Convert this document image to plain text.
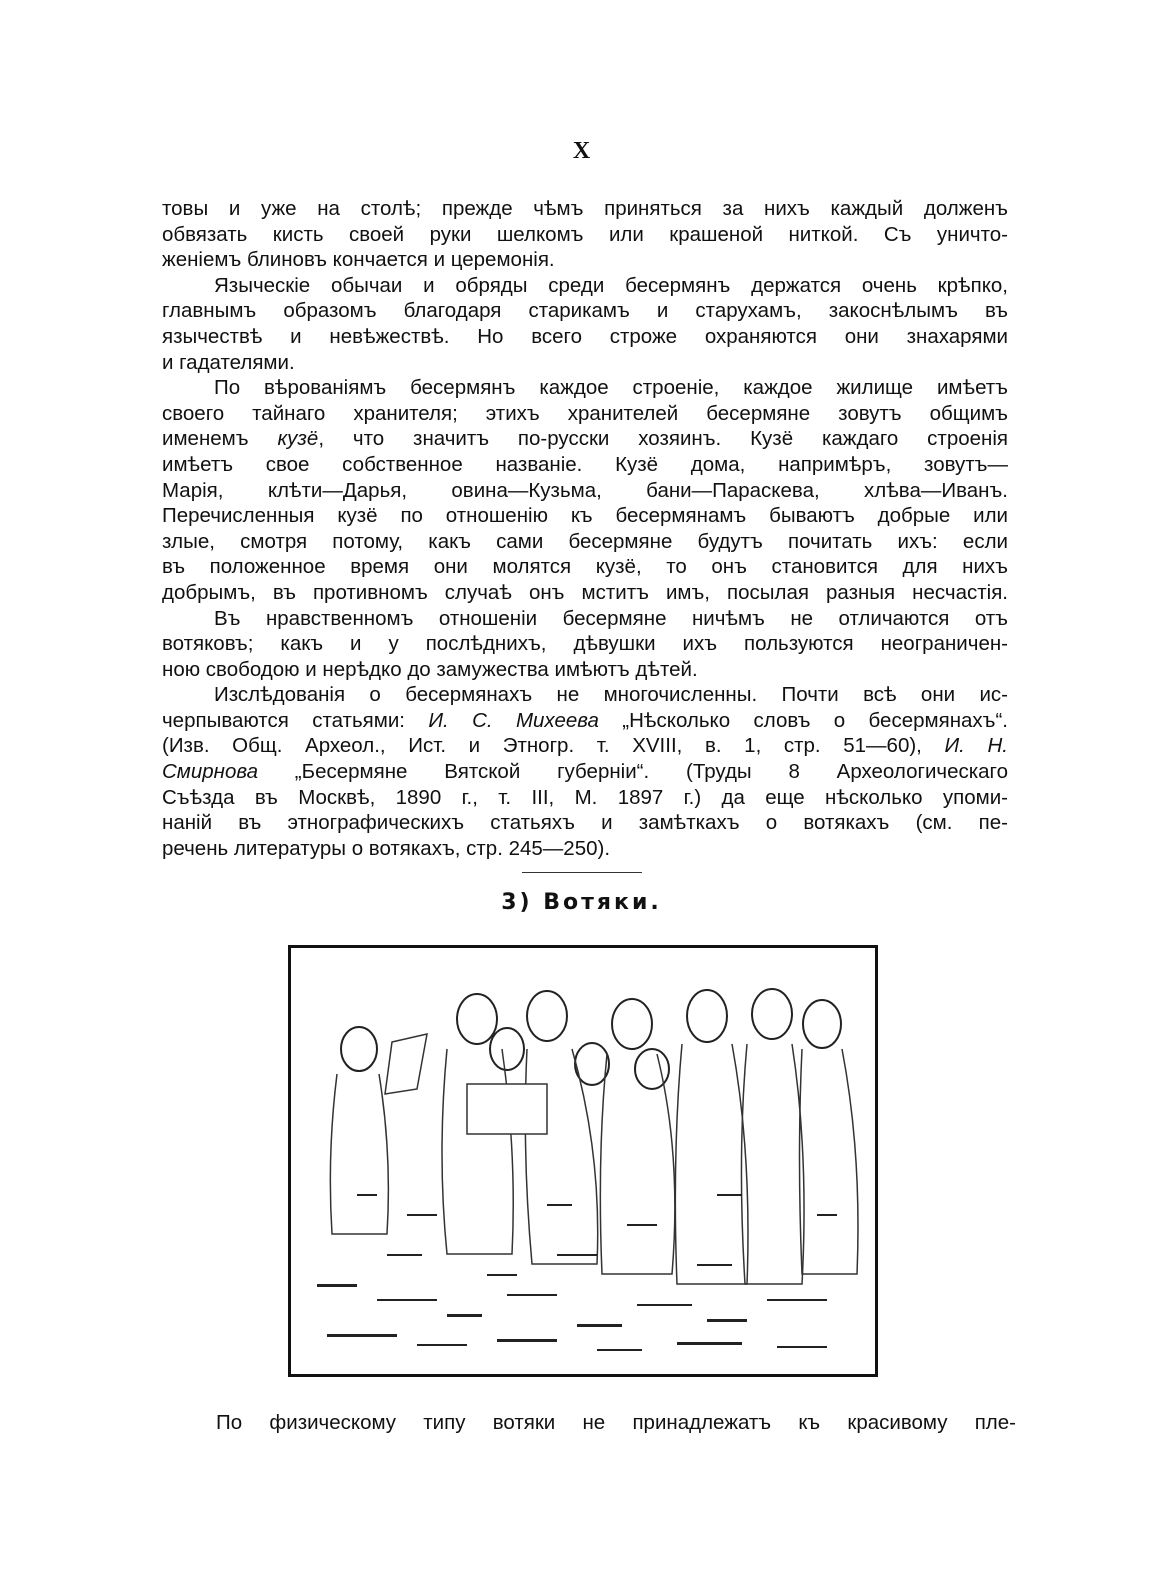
X
товы и уже на столѣ; прежде чѣмъ приняться за нихъ каждый долженъ
обвязать кисть своей руки шелкомъ или крашеной ниткой. Съ уничто-
женіемъ блиновъ кончается и церемонія.
Языческіе обычаи и обряды среди бесермянъ держатся очень крѣпко,
главнымъ образомъ благодаря старикамъ и старухамъ, закоснѣлымъ въ
язычествѣ и невѣжествѣ. Но всего строже охраняются они знахарями
и гадателями.
По вѣрованіямъ бесермянъ каждое строеніе, каждое жилище имѣетъ
своего тайнаго хранителя; этихъ хранителей бесермяне зовутъ общимъ
именемъ кузё, что значитъ по-русски хозяинъ. Кузё каждаго строенія
имѣетъ свое собственное названіе. Кузё дома, напримѣръ, зовутъ—
Марія, клѣти—Дарья, овина—Кузьма, бани—Параскева, хлѣва—Иванъ.
Перечисленныя кузё по отношенію къ бесермянамъ бываютъ добрые или
злые, смотря потому, какъ сами бесермяне будутъ почитать ихъ: если
въ положенное время они молятся кузё, то онъ становится для нихъ
добрымъ, въ противномъ случаѣ онъ мститъ имъ, посылая разныя несчастія.
Въ нравственномъ отношеніи бесермяне ничѣмъ не отличаются отъ
вотяковъ; какъ и у послѣднихъ, дѣвушки ихъ пользуются неограничен-
ною свободою и нерѣдко до замужества имѣютъ дѣтей.
Изслѣдованія о бесермянахъ не многочисленны. Почти всѣ они ис-
черпываются статьями: И. С. Михеева „Нѣсколько словъ о бесермянахъ“.
(Изв. Общ. Археол., Ист. и Этногр. т. XVIII, в. 1, стр. 51—60), И. Н.
Смирнова „Бесермяне Вятской губерніи“. (Труды 8 Археологическаго
Съѣзда въ Москвѣ, 1890 г., т. III, М. 1897 г.) да еще нѣсколько упоми-
наній въ этнографическихъ статьяхъ и замѣткахъ о вотякахъ (см. пе-
речень литературы о вотякахъ, стр. 245—250).
3) Вотяки.
По физическому типу вотяки не принадлежатъ къ красивому пле-
